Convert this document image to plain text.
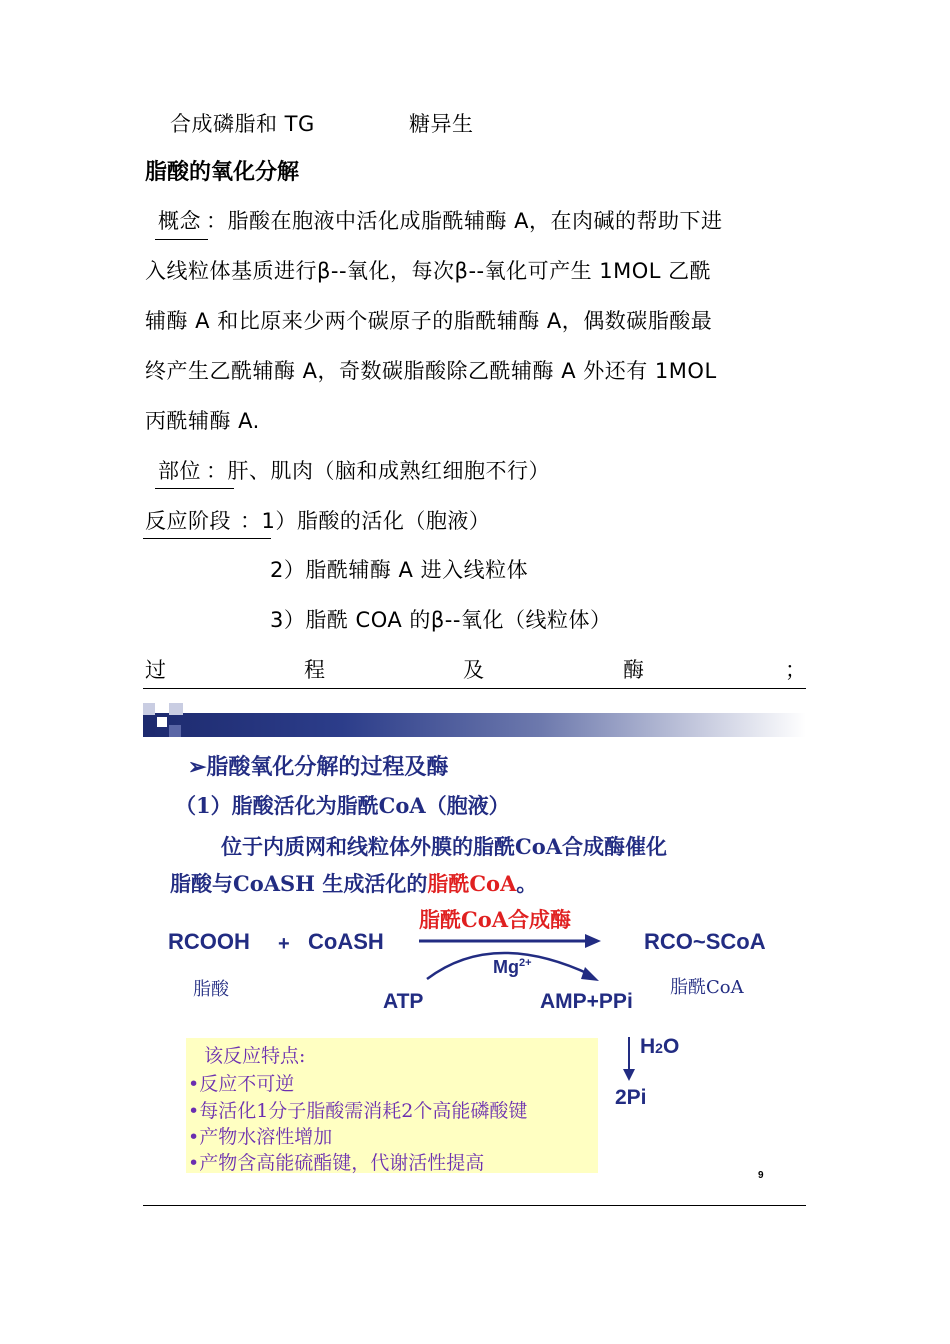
合成磷脂和 TG	糖异生
脂酸的氧化分解
概念 ：脂酸在胞液中活化成脂酰辅酶 A，在肉碱的帮助下进
入线粒体基质进行β--氧化，每次β--氧化可产生 1MOL 乙酰
辅酶 A 和比原来少两个碳原子的脂酰辅酶 A，偶数碳脂酸最
终产生乙酰辅酶 A，奇数碳脂酸除乙酰辅酶 A 外还有 1MOL
丙酰辅酶 A.
部位 ：肝、肌肉（脑和成熟红细胞不行）
反应阶段 ：1）脂酸的活化（胞液）
2）脂酰辅酶 A 进入线粒体
3）脂酰 COA 的β--氧化（线粒体）
过	程	及	酶	；
➢脂酸氧化分解的过程及酶
（1）脂酸活化为脂酰CoA（胞液）
位于内质网和线粒体外膜的脂酰CoA合成酶催化
脂酸与CoASH 生成活化的脂酰CoA。
脂酰CoA合成酶
RCOOH + CoASH	RCO~SCoA
$Mg^{2+}$
脂酸	脂酰CoA
ATP	AMP+PPi
H2O
2Pi
该反应特点:
•反应不可逆
•每活化1分子脂酸需消耗2个高能磷酸键
•产物水溶性增加
•产物含高能硫酯键，代谢活性提高
9
